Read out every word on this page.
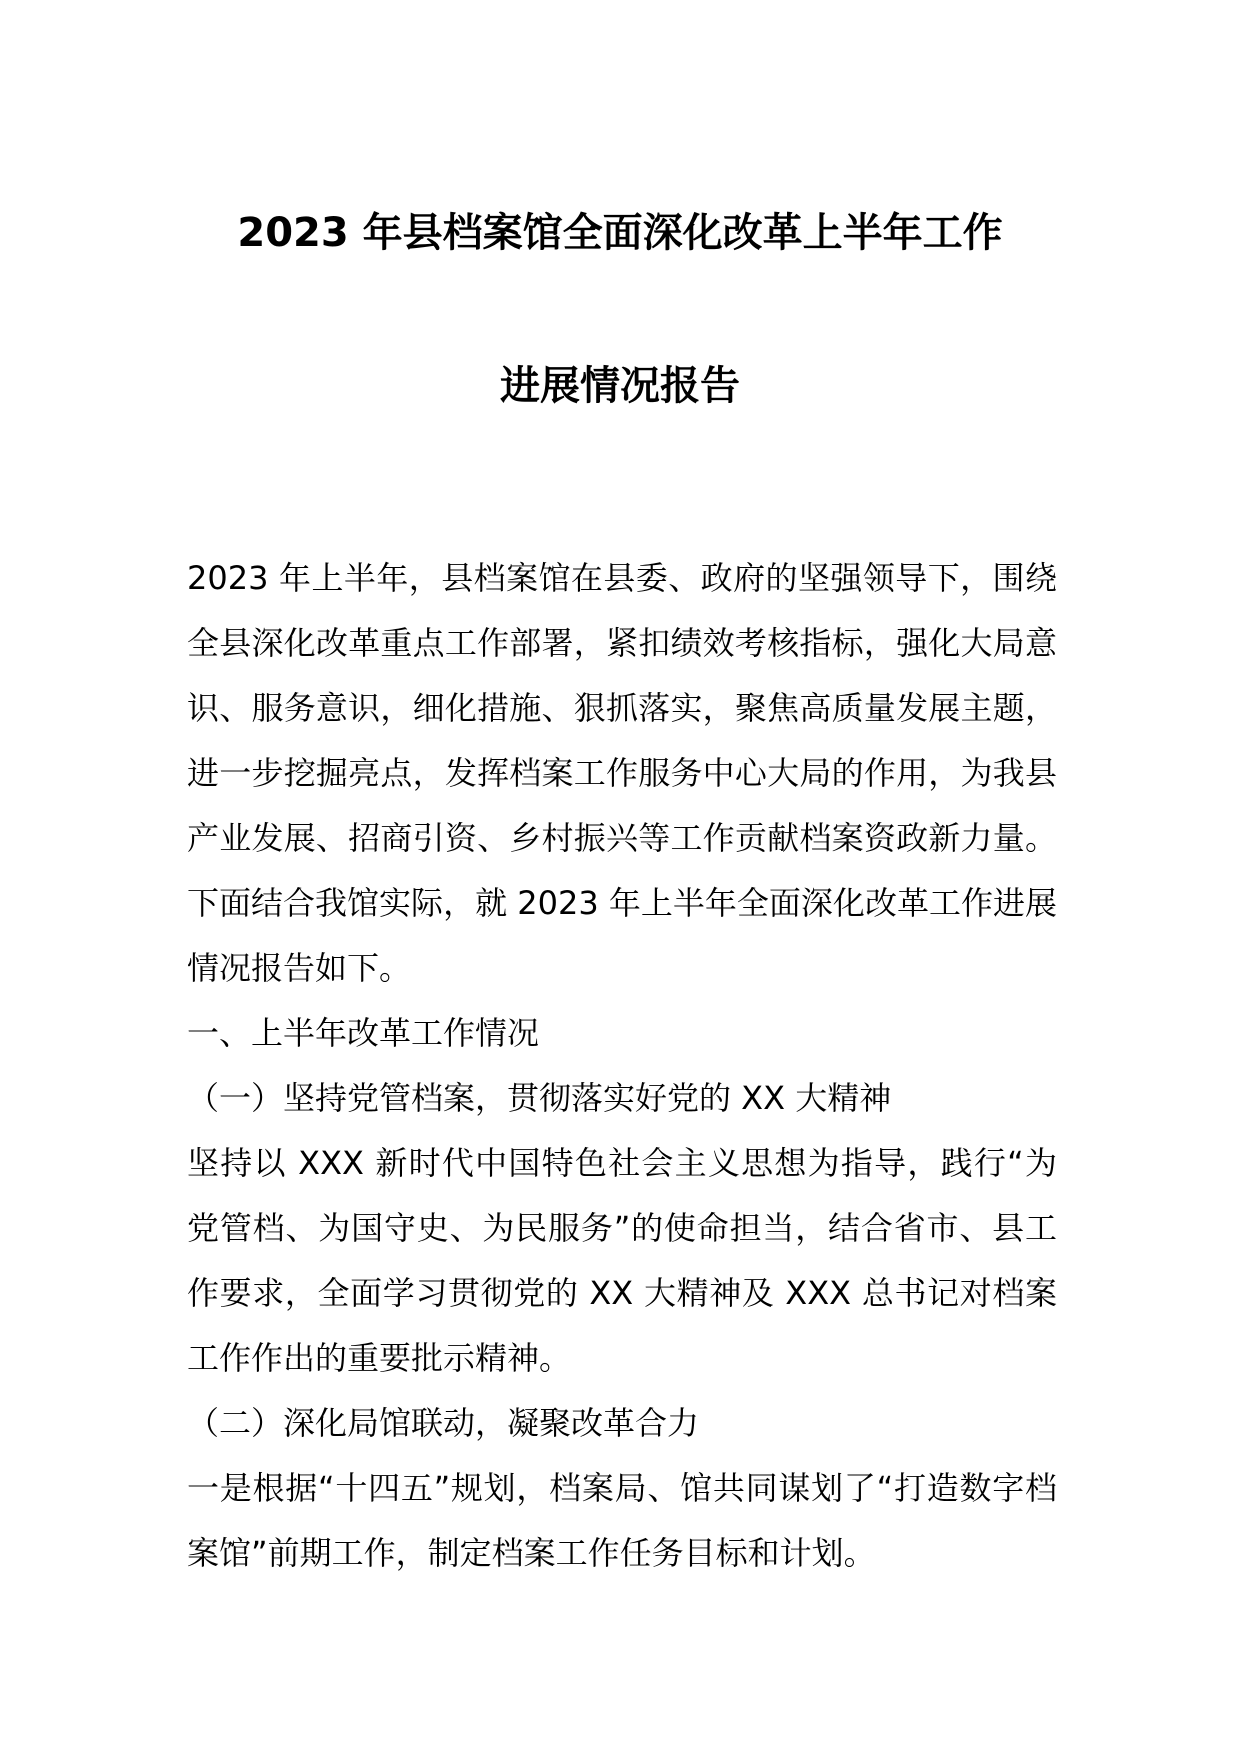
2023 年县档案馆全面深化改革上半年工作
进展情况报告

2023 年上半年，县档案馆在县委、政府的坚强领导下，围绕全县深化改革重点工作部署，紧扣绩效考核指标，强化大局意识、服务意识，细化措施、狠抓落实，聚焦高质量发展主题，进一步挖掘亮点，发挥档案工作服务中心大局的作用，为我县产业发展、招商引资、乡村振兴等工作贡献档案资政新力量。下面结合我馆实际，就 2023 年上半年全面深化改革工作进展情况报告如下。

一、上半年改革工作情况

（一）坚持党管档案，贯彻落实好党的 XX 大精神

坚持以 XXX 新时代中国特色社会主义思想为指导，践行“为党管档、为国守史、为民服务”的使命担当，结合省市、县工作要求，全面学习贯彻党的 XX 大精神及 XXX 总书记对档案工作作出的重要批示精神。

（二）深化局馆联动，凝聚改革合力

一是根据“十四五”规划，档案局、馆共同谋划了“打造数字档案馆”前期工作，制定档案工作任务目标和计划。
